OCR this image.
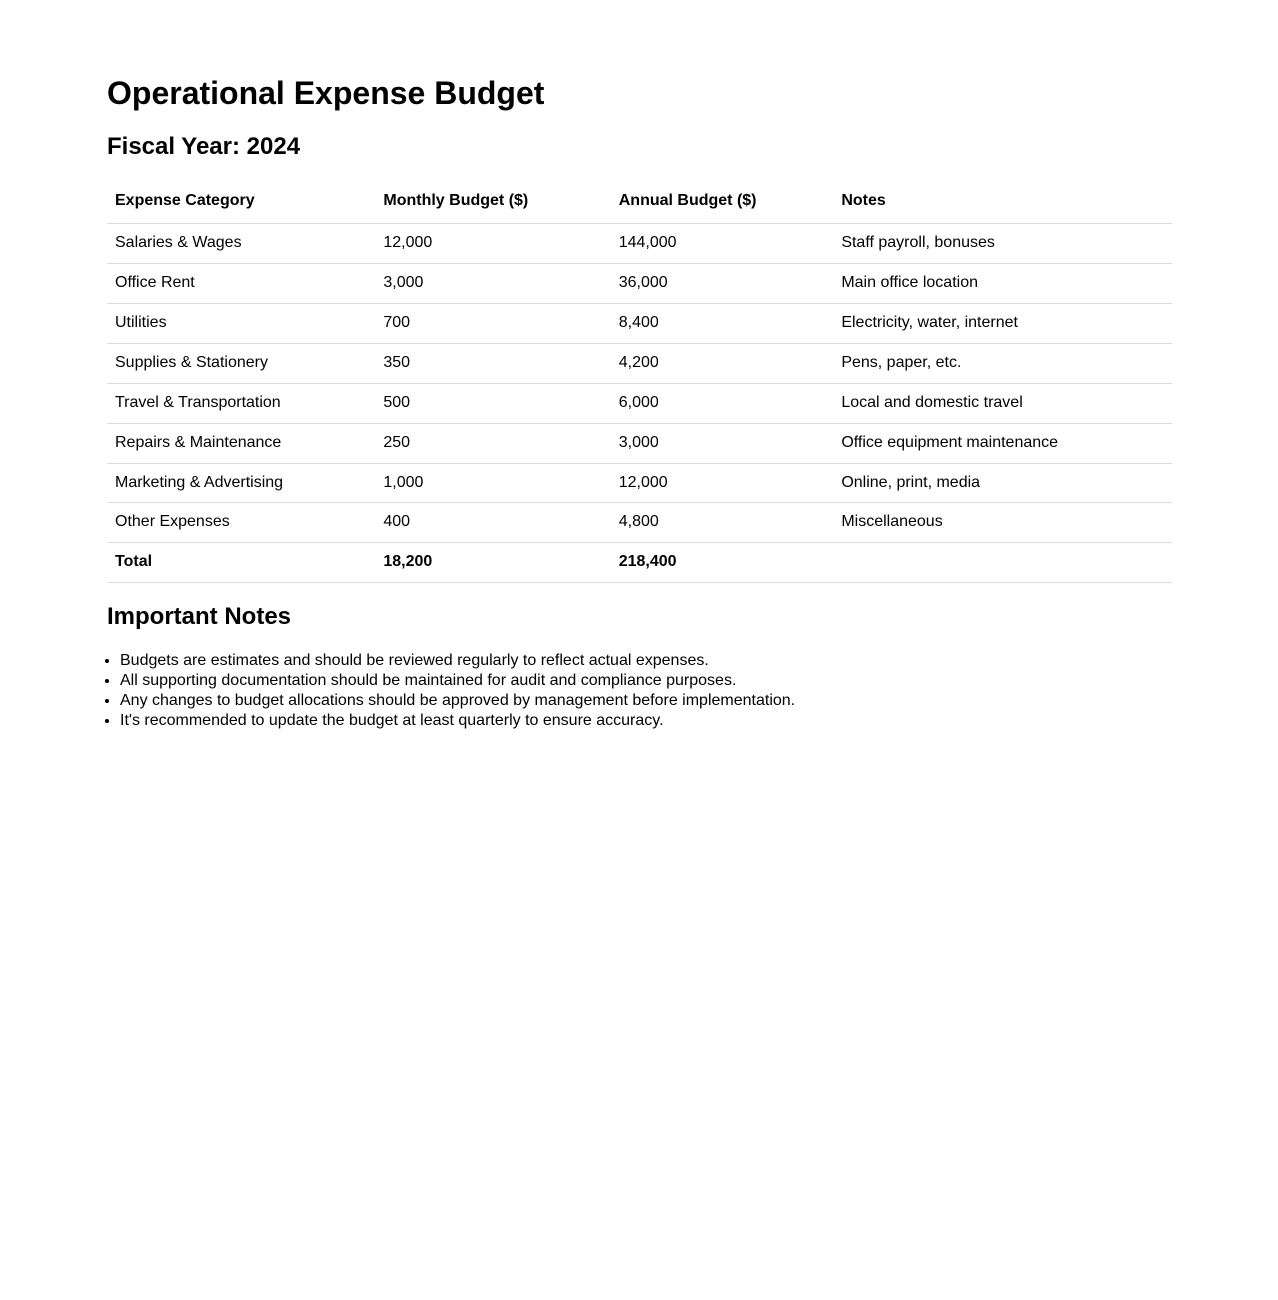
Operational Expense Budget
Fiscal Year: 2024
Expense Category	Monthly Budget ($)	Annual Budget ($)	Notes
Salaries & Wages	12,000	144,000	Staff payroll, bonuses
Office Rent	3,000	36,000	Main office location
Utilities	700	8,400	Electricity, water, internet
Supplies & Stationery	350	4,200	Pens, paper, etc.
Travel & Transportation	500	6,000	Local and domestic travel
Repairs & Maintenance	250	3,000	Office equipment maintenance
Marketing & Advertising	1,000	12,000	Online, print, media
Other Expenses	400	4,800	Miscellaneous
Total	18,200	218,400	
Important Notes
• Budgets are estimates and should be reviewed regularly to reflect actual expenses.
• All supporting documentation should be maintained for audit and compliance purposes.
• Any changes to budget allocations should be approved by management before implementation.
• It's recommended to update the budget at least quarterly to ensure accuracy.
